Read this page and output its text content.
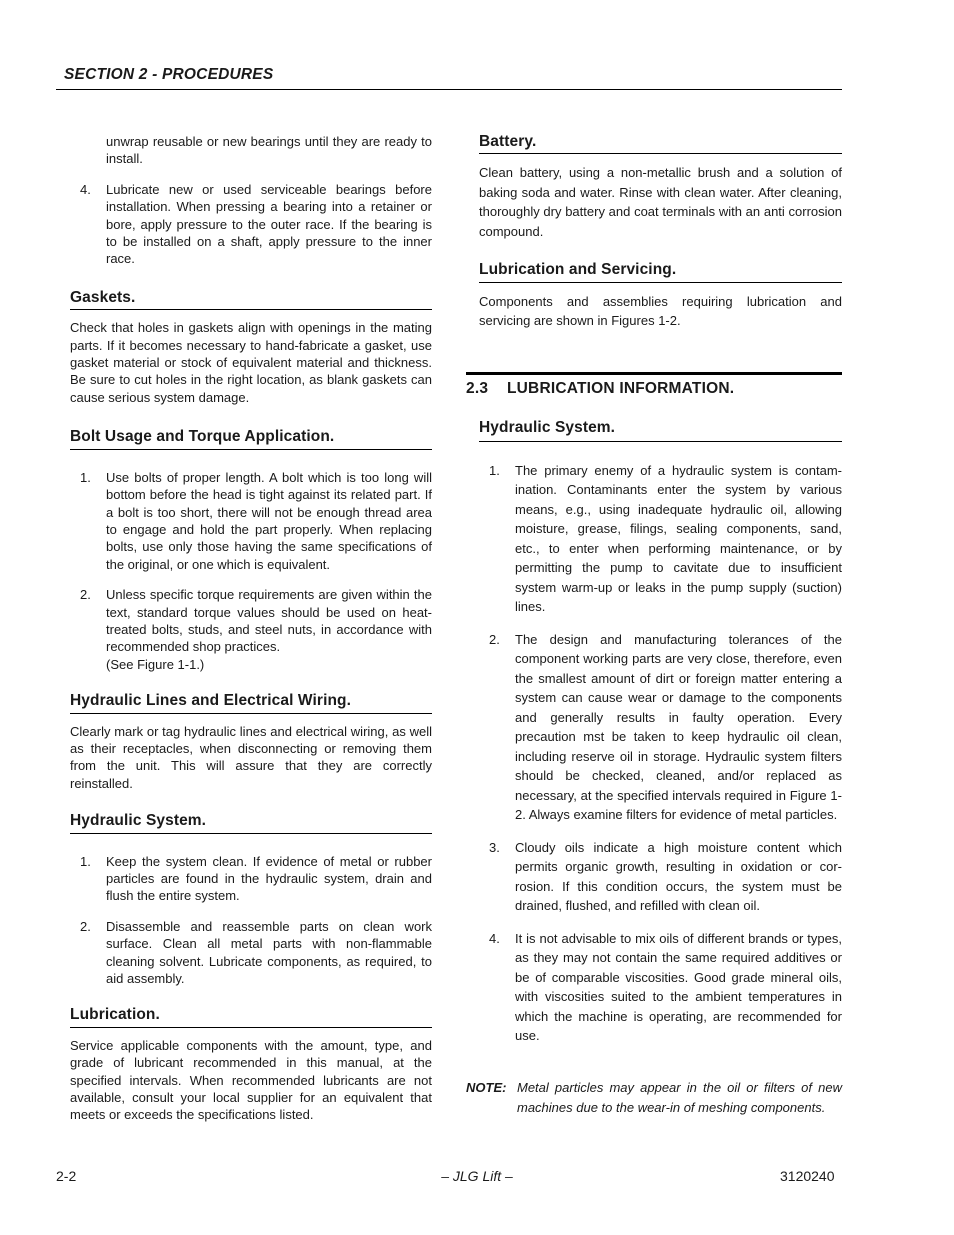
SECTION 2 - PROCEDURES

unwrap reusable or new bearings until they are ready to install.

4. Lubricate new or used serviceable bearings before installation. When pressing a bearing into a retainer or bore, apply pressure to the outer race. If the bearing is to be installed on a shaft, apply pressure to the inner race.
Gaskets.

Check that holes in gaskets align with openings in the mating parts. If it becomes necessary to hand-fabricate a gasket, use gasket material or stock of equivalent material and thickness. Be sure to cut holes in the right location, as blank gaskets can cause serious system damage.

Bolt Usage and Torque Application.
1. Use bolts of proper length. A bolt which is too long will bottom before the head is tight against its related part. If a bolt is too short, there will not be enough thread area to engage and hold the part properly. When replacing bolts, use only those having the same specifications of the original, or one which is equivalent.
2. Unless specific torque requirements are given within the text, standard torque values should be used on heat-treated bolts, studs, and steel nuts, in accordance with recommended shop practices.
(See Figure 1-1.)
Hydraulic Lines and Electrical Wiring.

Clearly mark or tag hydraulic lines and electrical wiring, as well as their receptacles, when disconnecting or removing them from the unit. This will assure that they are correctly reinstalled.

Hydraulic System.
1. Keep the system clean. If evidence of metal or rubber particles are found in the hydraulic system, drain and flush the entire system.
2. Disassemble and reassemble parts on clean work surface. Clean all metal parts with non-flammable cleaning solvent. Lubricate components, as required, to aid assembly.
Lubrication.

Service applicable components with the amount, type, and grade of lubricant recommended in this manual, at the specified intervals. When recommended lubricants are not available, consult your local supplier for an equivalent that meets or exceeds the specifications listed.

Battery.

Clean battery, using a non-metallic brush and a solution of baking soda and water. Rinse with clean water. After cleaning, thoroughly dry battery and coat terminals with an anti corrosion compound.

Lubrication and Servicing.

Components and assemblies requiring lubrication and servicing are shown in Figures 1-2.

2.3 LUBRICATION INFORMATION.
Hydraulic System.
1. The primary enemy of a hydraulic system is contamination. Contaminants enter the system by various means, e.g., using inadequate hydraulic oil, allowing moisture, grease, filings, sealing components, sand, etc., to enter when performing maintenance, or by permitting the pump to cavitate due to insufficient system warm-up or leaks in the pump supply (suction) lines.
2. The design and manufacturing tolerances of the component working parts are very close, therefore, even the smallest amount of dirt or foreign matter entering a system can cause wear or damage to the components and generally results in faulty operation. Every precaution mst be taken to keep hydraulic oil clean, including reserve oil in storage. Hydraulic system filters should be checked, cleaned, and/or replaced as necessary, at the specified intervals required in Figure 1-2. Always examine filters for evidence of metal particles.
3. Cloudy oils indicate a high moisture content which permits organic growth, resulting in oxidation or corrosion. If this condition occurs, the system must be drained, flushed, and refilled with clean oil.
4. It is not advisable to mix oils of different brands or types, as they may not contain the same required additives or be of comparable viscosities. Good grade mineral oils, with viscosities suited to the ambient temperatures in which the machine is operating, are recommended for use.
NOTE: Metal particles may appear in the oil or filters of new machines due to the wear-in of meshing components.
– JLG Lift –
2-2	3120240
